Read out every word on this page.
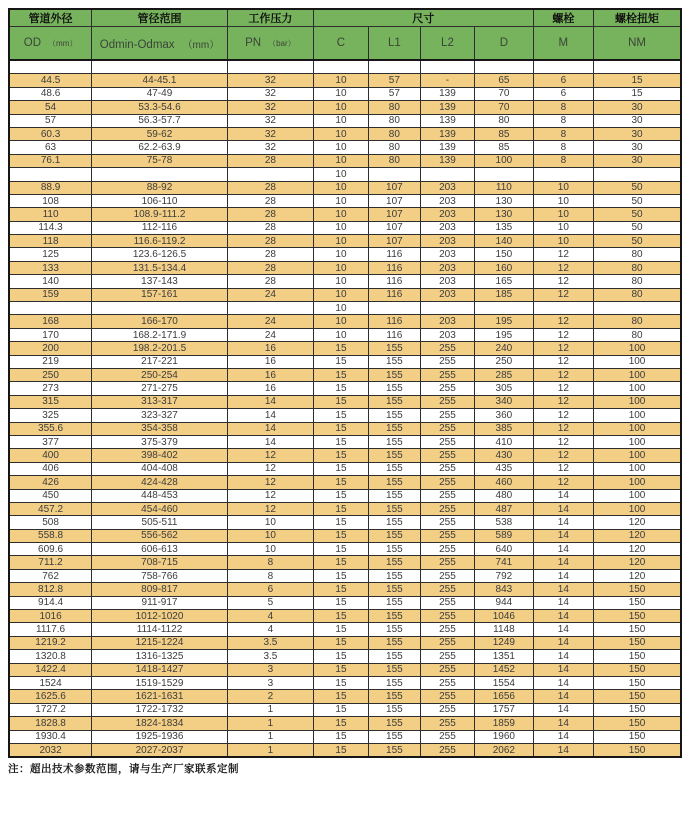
管道外径	管径范围	工作压力	尺寸				螺栓	螺栓扭矩
OD （mm）	Odmin-Odmax （mm）	PN （bar）	C	L1	L2	D	M	NM

44.5	44-45.1	32	10	57	-	65	6	15
48.6	47-49	32	10	57	139	70	6	15
54	53.3-54.6	32	10	80	139	70	8	30
57	56.3-57.7	32	10	80	139	80	8	30
60.3	59-62	32	10	80	139	85	8	30
63	62.2-63.9	32	10	80	139	85	8	30
76.1	75-78	28	10	80	139	100	8	30
			10					
88.9	88-92	28	10	107	203	110	10	50
108	106-110	28	10	107	203	130	10	50
110	108.9-111.2	28	10	107	203	130	10	50
114.3	112-116	28	10	107	203	135	10	50
118	116.6-119.2	28	10	107	203	140	10	50
125	123.6-126.5	28	10	116	203	150	12	80
133	131.5-134.4	28	10	116	203	160	12	80
140	137-143	28	10	116	203	165	12	80
159	157-161	24	10	116	203	185	12	80
			10					
168	166-170	24	10	116	203	195	12	80
170	168.2-171.9	24	10	116	203	195	12	80
200	198.2-201.5	16	15	155	255	240	12	100
219	217-221	16	15	155	255	250	12	100
250	250-254	16	15	155	255	285	12	100
273	271-275	16	15	155	255	305	12	100
315	313-317	14	15	155	255	340	12	100
325	323-327	14	15	155	255	360	12	100
355.6	354-358	14	15	155	255	385	12	100
377	375-379	14	15	155	255	410	12	100
400	398-402	12	15	155	255	430	12	100
406	404-408	12	15	155	255	435	12	100
426	424-428	12	15	155	255	460	12	100
450	448-453	12	15	155	255	480	14	100
457.2	454-460	12	15	155	255	487	14	100
508	505-511	10	15	155	255	538	14	120
558.8	556-562	10	15	155	255	589	14	120
609.6	606-613	10	15	155	255	640	14	120
711.2	708-715	8	15	155	255	741	14	120
762	758-766	8	15	155	255	792	14	120
812.8	809-817	6	15	155	255	843	14	150
914.4	911-917	5	15	155	255	944	14	150
1016	1012-1020	4	15	155	255	1046	14	150
1117.6	1114-1122	4	15	155	255	1148	14	150
1219.2	1215-1224	3.5	15	155	255	1249	14	150
1320.8	1316-1325	3.5	15	155	255	1351	14	150
1422.4	1418-1427	3	15	155	255	1452	14	150
1524	1519-1529	3	15	155	255	1554	14	150
1625.6	1621-1631	2	15	155	255	1656	14	150
1727.2	1722-1732	1	15	155	255	1757	14	150
1828.8	1824-1834	1	15	155	255	1859	14	150
1930.4	1925-1936	1	15	155	255	1960	14	150
2032	2027-2037	1	15	155	255	2062	14	150
注：超出技术参数范围，请与生产厂家联系定制
